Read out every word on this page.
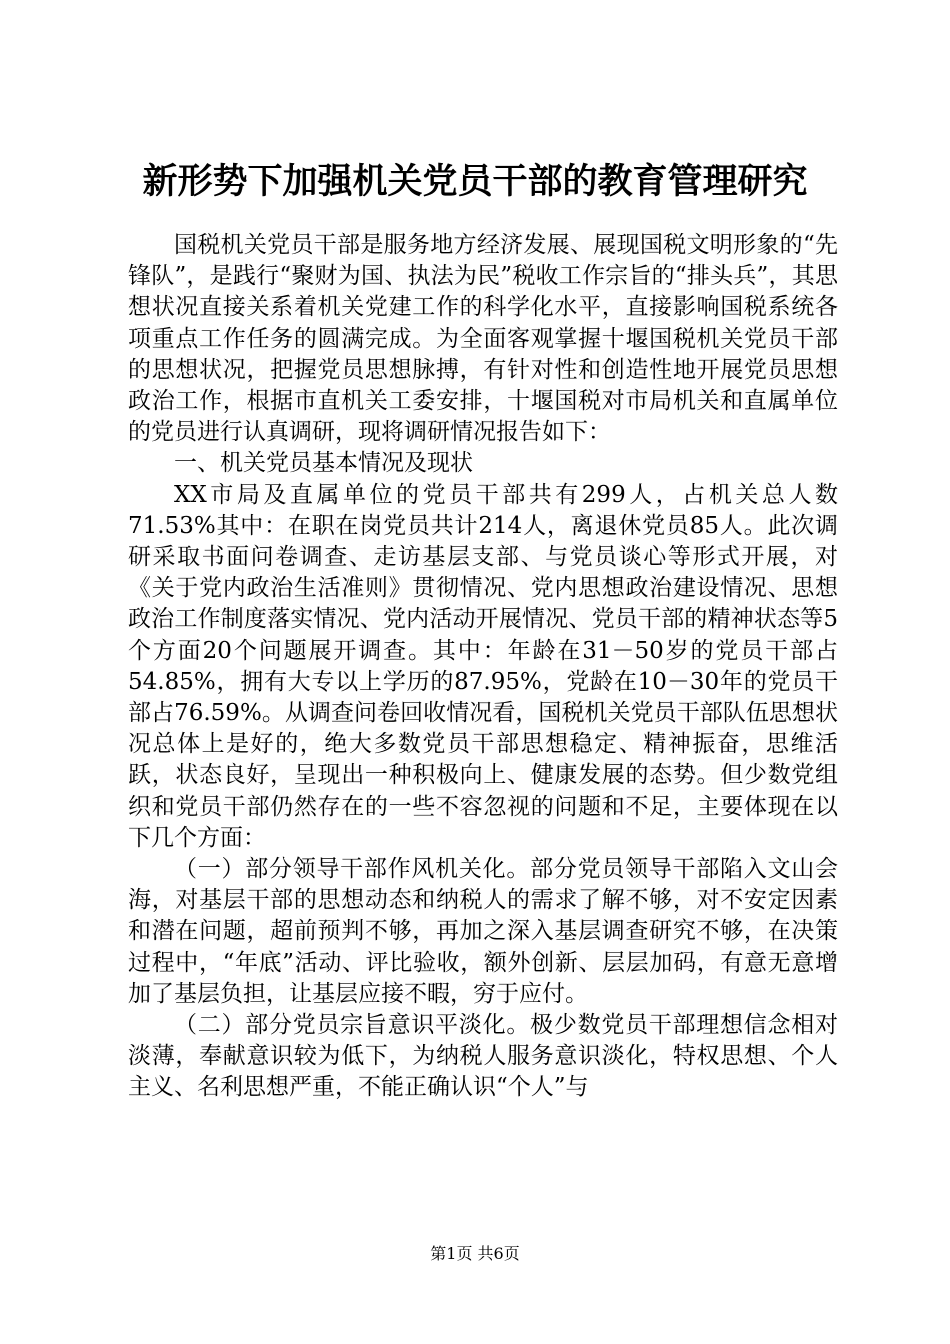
新形势下加强机关党员干部的教育管理研究

国税机关党员干部是服务地方经济发展、展现国税文明形象的“先锋队”，是践行“聚财为国、执法为民”税收工作宗旨的“排头兵”，其思想状况直接关系着机关党建工作的科学化水平，直接影响国税系统各项重点工作任务的圆满完成。为全面客观掌握十堰国税机关党员干部的思想状况，把握党员思想脉搏，有针对性和创造性地开展党员思想政治工作，根据市直机关工委安排，十堰国税对市局机关和直属单位的党员进行认真调研，现将调研情况报告如下：

一、机关党员基本情况及现状

XX市局及直属单位的党员干部共有299人，占机关总人数71.53%其中：在职在岗党员共计214人，离退休党员85人。此次调研采取书面问卷调查、走访基层支部、与党员谈心等形式开展，对《关于党内政治生活准则》贯彻情况、党内思想政治建设情况、思想政治工作制度落实情况、党内活动开展情况、党员干部的精神状态等5个方面20个问题展开调查。其中：年龄在31－50岁的党员干部占54.85%，拥有大专以上学历的87.95%，党龄在10－30年的党员干部占76.59%。从调查问卷回收情况看，国税机关党员干部队伍思想状况总体上是好的，绝大多数党员干部思想稳定、精神振奋，思维活跃，状态良好，呈现出一种积极向上、健康发展的态势。但少数党组织和党员干部仍然存在的一些不容忽视的问题和不足，主要体现在以下几个方面：

（一）部分领导干部作风机关化。部分党员领导干部陷入文山会海，对基层干部的思想动态和纳税人的需求了解不够，对不安定因素和潜在问题，超前预判不够，再加之深入基层调查研究不够，在决策过程中，“年底”活动、评比验收，额外创新、层层加码，有意无意增加了基层负担，让基层应接不暇，穷于应付。

（二）部分党员宗旨意识平淡化。极少数党员干部理想信念相对淡薄，奉献意识较为低下，为纳税人服务意识淡化，特权思想、个人主义、名利思想严重，不能正确认识“个人”与

第1页 共6页
